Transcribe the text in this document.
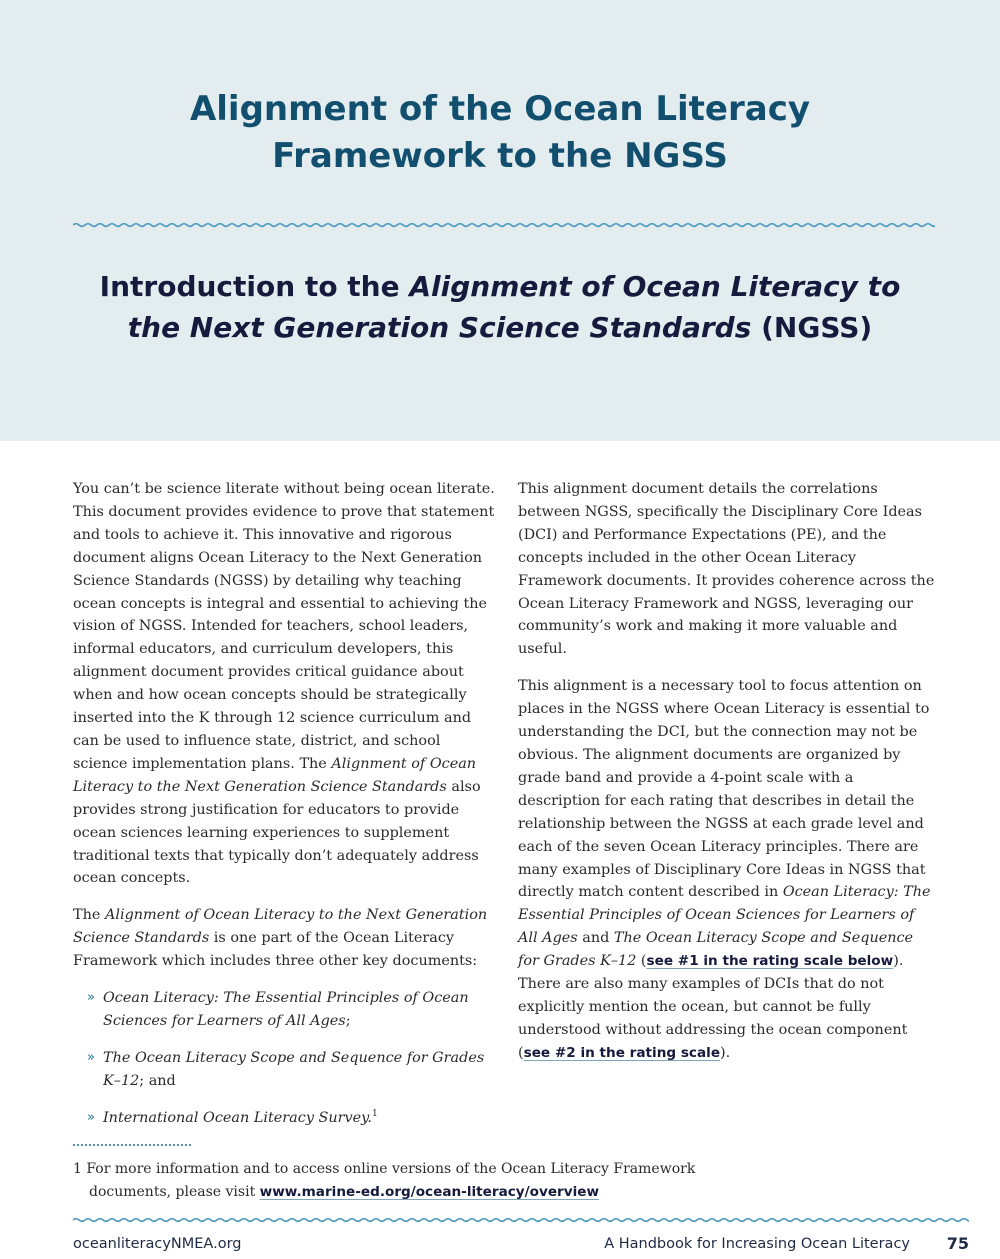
Alignment of the Ocean Literacy
Framework to the NGSS
Introduction to the Alignment of Ocean Literacy to
the Next Generation Science Standards (NGSS)

You can’t be science literate without being ocean literate. This document provides evidence to prove that statement and tools to achieve it. This innovative and rigorous document aligns Ocean Literacy to the Next Generation Science Standards (NGSS) by detailing why teaching ocean concepts is integral and essential to achieving the vision of NGSS. Intended for teachers, school leaders, informal educators, and curriculum developers, this alignment document provides critical guidance about when and how ocean concepts should be strategically inserted into the K through 12 science curriculum and can be used to influence state, district, and school science implementation plans. The Alignment of Ocean Literacy to the Next Generation Science Standards also provides strong justification for educators to provide ocean sciences learning experiences to supplement traditional texts that typically don’t adequately address ocean concepts.

The Alignment of Ocean Literacy to the Next Generation Science Standards is one part of the Ocean Literacy Framework which includes three other key documents:

» Ocean Literacy: The Essential Principles of Ocean Sciences for Learners of All Ages;
» The Ocean Literacy Scope and Sequence for Grades K–12; and
» International Ocean Literacy Survey.$^1$

This alignment document details the correlations between NGSS, specifically the Disciplinary Core Ideas (DCI) and Performance Expectations (PE), and the concepts included in the other Ocean Literacy Framework documents. It provides coherence across the Ocean Literacy Framework and NGSS, leveraging our community’s work and making it more valuable and useful.

This alignment is a necessary tool to focus attention on places in the NGSS where Ocean Literacy is essential to understanding the DCI, but the connection may not be obvious. The alignment documents are organized by grade band and provide a 4-point scale with a description for each rating that describes in detail the relationship between the NGSS at each grade level and each of the seven Ocean Literacy principles. There are many examples of Disciplinary Core Ideas in NGSS that directly match content described in Ocean Literacy: The Essential Principles of Ocean Sciences for Learners of All Ages and The Ocean Literacy Scope and Sequence for Grades K–12 (see #1 in the rating scale below). There are also many examples of DCIs that do not explicitly mention the ocean, but cannot be fully understood without addressing the ocean component (see #2 in the rating scale).

1 For more information and to access online versions of the Ocean Literacy Framework
documents, please visit www.marine-ed.org/ocean-literacy/overview
oceanliteracyNMEA.org	A Handbook for Increasing Ocean Literacy 75
